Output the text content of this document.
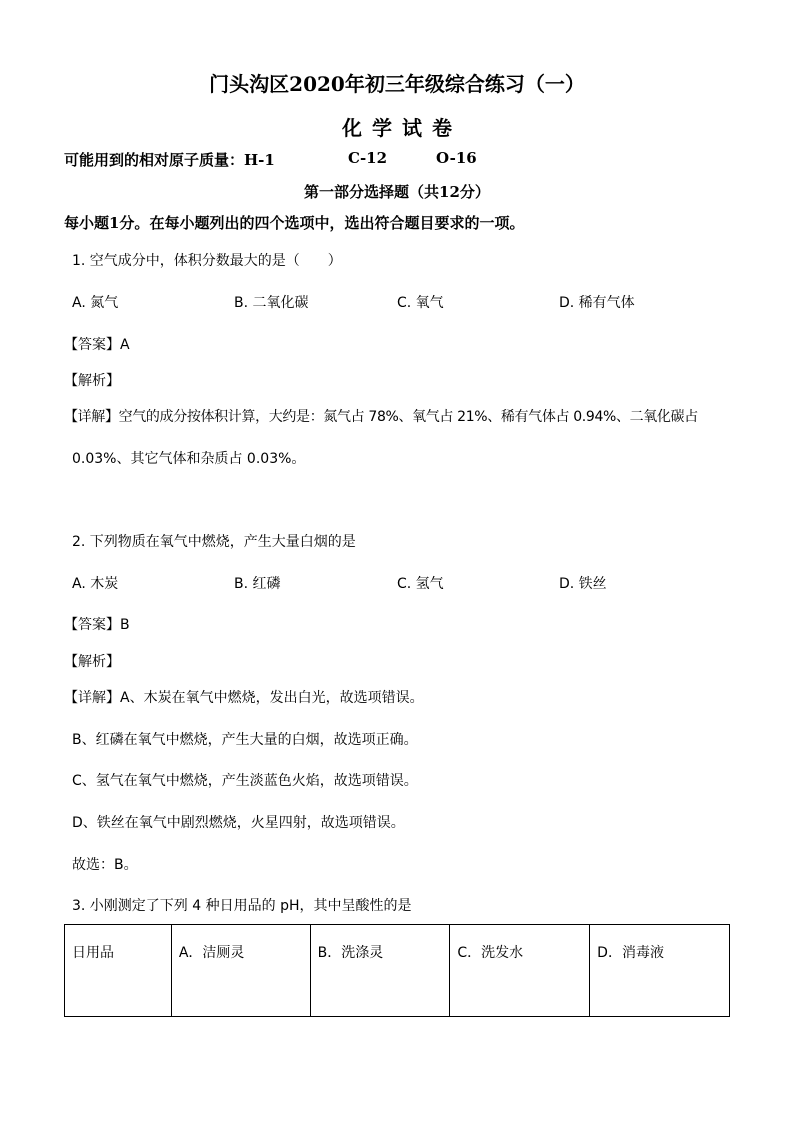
门头沟区2020年初三年级综合练习（一）
化学试卷
可能用到的相对原子质量：H-1	C-12	O-16
第一部分选择题（共12分）
每小题1分。在每小题列出的四个选项中，选出符合题目要求的一项。
1. 空气成分中，体积分数最大的是（　　）
A. 氮气	B. 二氧化碳	C. 氧气	D. 稀有气体
【答案】A
【解析】
【详解】空气的成分按体积计算，大约是：氮气占 78%、氧气占 21%、稀有气体占 0.94%、二氧化碳占
0.03%、其它气体和杂质占 0.03%。
2. 下列物质在氧气中燃烧，产生大量白烟的是
A. 木炭	B. 红磷	C. 氢气	D. 铁丝
【答案】B
【解析】
【详解】A、木炭在氧气中燃烧，发出白光，故选项错误。
B、红磷在氧气中燃烧，产生大量的白烟，故选项正确。
C、氢气在氧气中燃烧，产生淡蓝色火焰，故选项错误。
D、铁丝在氧气中剧烈燃烧，火星四射，故选项错误。
故选：B。
3. 小刚测定了下列 4 种日用品的 pH，其中呈酸性的是
日用品	A．洁厕灵	B．洗涤灵	C．洗发水	D．消毒液
